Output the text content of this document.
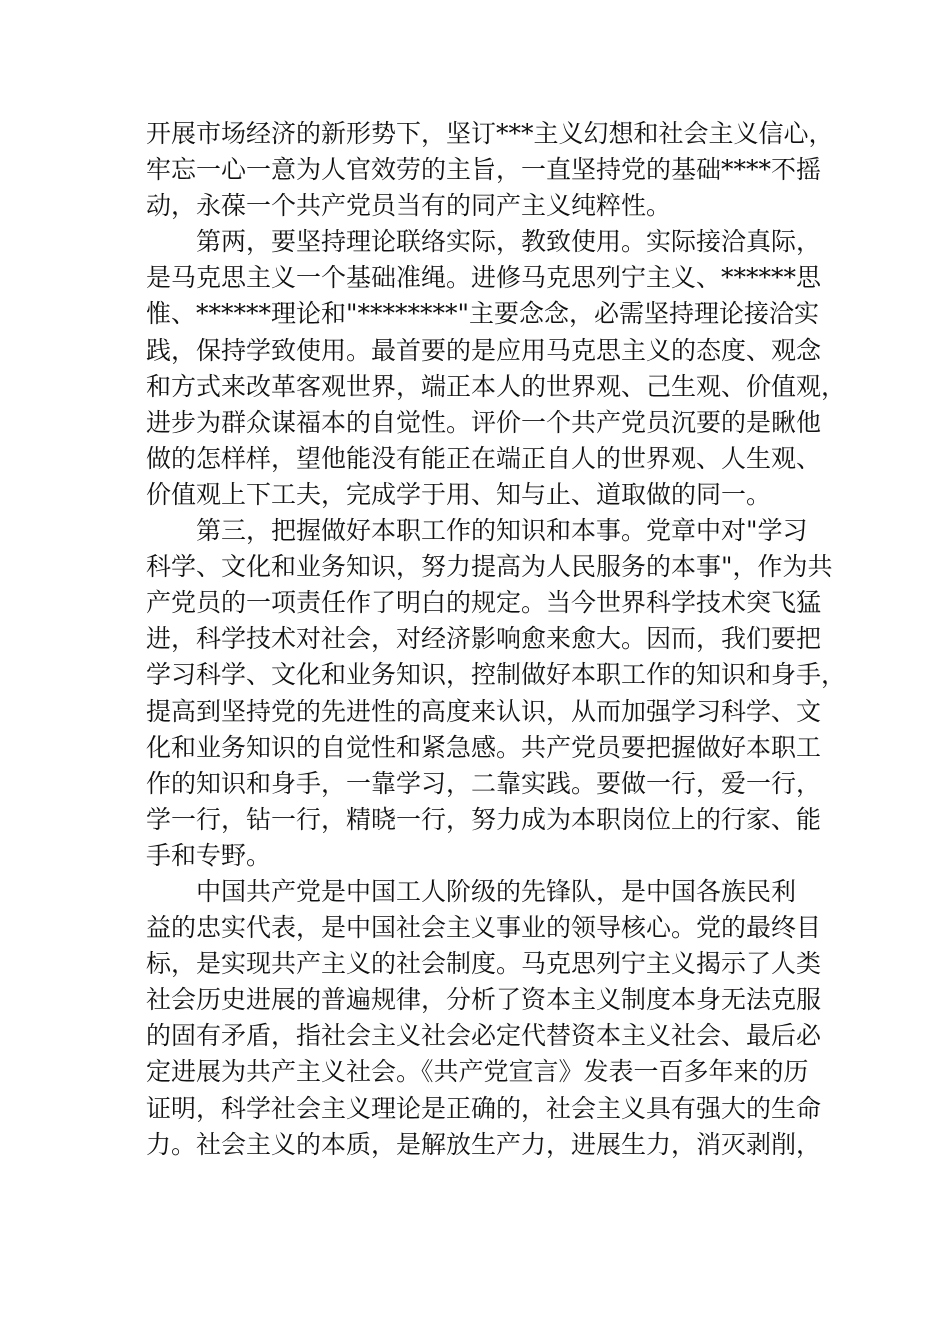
开展市场经济的新形势下，坚订***主义幻想和社会主义信心，
牢忘一心一意为人官效劳的主旨，一直坚持党的基础****不摇
动，永葆一个共产党员当有的同产主义纯粹性。
第两，要坚持理论联络实际，教致使用。实际接洽真际，
是马克思主义一个基础准绳。进修马克思列宁主义、******思
惟、******理论和"********"主要念念，必需坚持理论接洽实
践，保持学致使用。最首要的是应用马克思主义的态度、观念
和方式来改革客观世界，端正本人的世界观、己生观、价值观，
进步为群众谋福本的自觉性。评价一个共产党员沉要的是瞅他
做的怎样样，望他能没有能正在端正自人的世界观、人生观、
价值观上下工夫，完成学于用、知与止、道取做的同一。
第三，把握做好本职工作的知识和本事。党章中对"学习
科学、文化和业务知识，努力提高为人民服务的本事"，作为共
产党员的一项责任作了明白的规定。当今世界科学技术突飞猛
进，科学技术对社会，对经济影响愈来愈大。因而，我们要把
学习科学、文化和业务知识，控制做好本职工作的知识和身手，
提高到坚持党的先进性的高度来认识，从而加强学习科学、文
化和业务知识的自觉性和紧急感。共产党员要把握做好本职工
作的知识和身手，一靠学习，二靠实践。要做一行，爱一行，
学一行，钻一行，精晓一行，努力成为本职岗位上的行家、能
手和专野。
中国共产党是中国工人阶级的先锋队，是中国各族民利
益的忠实代表，是中国社会主义事业的领导核心。党的最终目
标，是实现共产主义的社会制度。马克思列宁主义揭示了人类
社会历史进展的普遍规律，分析了资本主义制度本身无法克服
的固有矛盾，指社会主义社会必定代替资本主义社会、最后必
定进展为共产主义社会。《共产党宣言》发表一百多年来的历
证明，科学社会主义理论是正确的，社会主义具有强大的生命
力。社会主义的本质，是解放生产力，进展生力，消灭剥削，
